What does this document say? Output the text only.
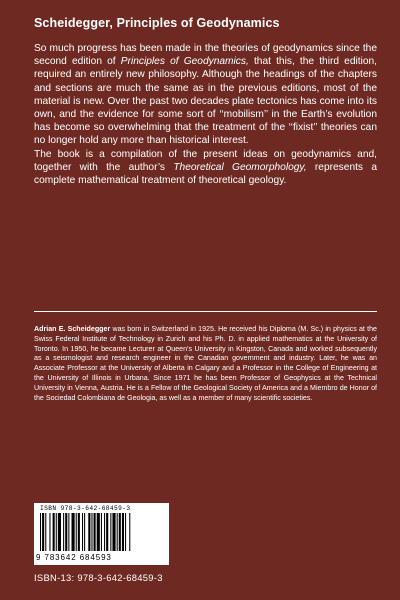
Scheidegger, Principles of Geodynamics

So much progress has been made in the theories of geodynamics since the second edition of Principles of Geodynamics, that this, the third edition, required an entirely new philosophy. Although the headings of the chapters and sections are much the same as in the previous editions, most of the material is new. Over the past two decades plate tectonics has come into its own, and the evidence for some sort of ‘‘mobilism’’ in the Earth’s evolution has become so overwhelming that the treatment of the ‘‘fixist’’ theories can no longer hold any more than historical interest.

The book is a compilation of the present ideas on geodynamics and, together with the author’s Theoretical Geomorphology, represents a complete mathematical treatment of theoretical geology.

Adrian E. Scheidegger was born in Switzerland in 1925. He received his Diploma (M. Sc.) in physics at the Swiss Federal Institute of Technology in Zurich and his Ph. D. in applied mathematics at the University of Toronto. In 1950, he became Lecturer at Queen’s University in Kingston, Canada and worked subsequently as a seismologist and research engineer in the Canadian government and industry. Later, he was an Associate Professor at the University of Alberta in Calgary and a Professor in the College of Engineering at the University of Illinois in Urbana. Since 1971 he has been Professor of Geophysics at the Technical University in Vienna, Austria. He is a Fellow of the Geological Society of America and a Miembro de Honor of the Sociedad Colombiana de Geologia, as well as a member of many scientific societies.
ISBN 978-3-642-68459-3
9 783642 684593
ISBN-13: 978-3-642-68459-3
